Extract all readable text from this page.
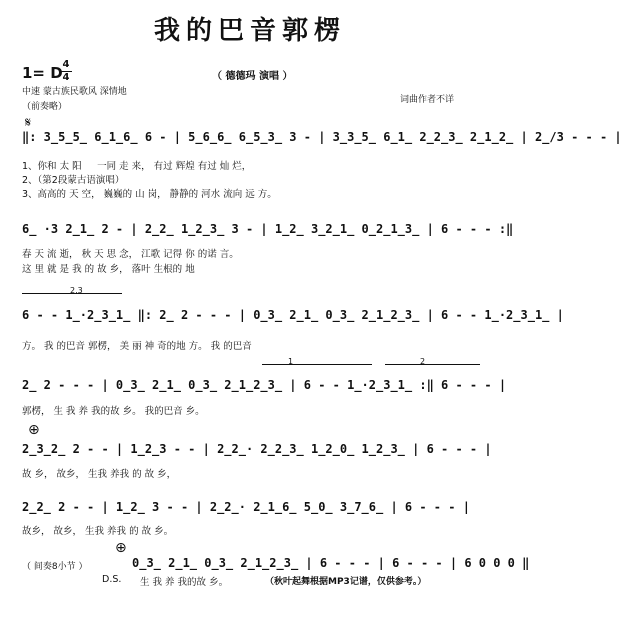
我的巴音郭楞
1= D 4
4	（ 德德玛 演唱 ）
中速 蒙古族民歌风 深情地
（前奏略）
词曲作者不详
𝄋
‖: 3̲5̲5̲ 6̲1̲6̲ 6 - | 5̲6̲6̲ 6̲5̲3̲ 3 - | 3̲3̲5̲ 6̲1̲ 2̲2̲3̲ 2̲1̲2̲ | 2̲/3 - - - |
1、你和 太 阳 　 一同 走 来， 有过 辉煌 有过 灿 烂，
2、（第2段蒙古语演唱）
3、高高的 天 空， 巍巍的 山 岗， 静静的 河水 流向 远 方。
6̲ ·3 2̲1̲ 2 - | 2̲2̲ 1̲2̲3̲ 3 - | 1̲2̲ 3̲2̲1̲ 0̲2̲1̲3̲ | 6 - - - :‖
春 天 流 逝， 秋 天 思 念， 江歌 记得 你 的诺 言。
这 里 就 是 我 的 故 乡， 落叶 生根的 地
2.3
6 - - 1̲·2̲3̲1̲ ‖: 2̲ 2 - - - | 0̲3̲ 2̲1̲ 0̲3̲ 2̲1̲2̲3̲ | 6 - - 1̲·2̲3̲1̲ |
方。 我 的巴音 郭楞， 美 丽 神 奇的地 方。 我 的巴音
1	2
2̲ 2 - - - | 0̲3̲ 2̲1̲ 0̲3̲ 2̲1̲2̲3̲ | 6 - - 1̲·2̲3̲1̲ :‖ 6 - - - |
郭楞， 生 我 养 我的故 乡。 我的巴音 乡。
⊕
2̲3̲2̲ 2 - - | 1̲2̲3 - - | 2̲2̲· 2̲2̲3̲ 1̲2̲0̲ 1̲2̲3̲ | 6 - - - |
故 乡， 故乡， 生我 养我 的 故 乡，
2̲2̲ 2 - - | 1̲2̲ 3 - - | 2̲2̲· 2̲1̲6̲ 5̲0̲ 3̲7̲6̲ | 6 - - - |
故乡， 故乡， 生我 养我 的 故 乡。
⊕
（ 间奏8小节 ）	0̲3̲ 2̲1̲ 0̲3̲ 2̲1̲2̲3̲ | 6 - - - | 6 - - - | 6 0 0 0 ‖
D.S. 生 我 养 我的故 乡。	（秋叶起舞根据MP3记谱，仅供参考。）
